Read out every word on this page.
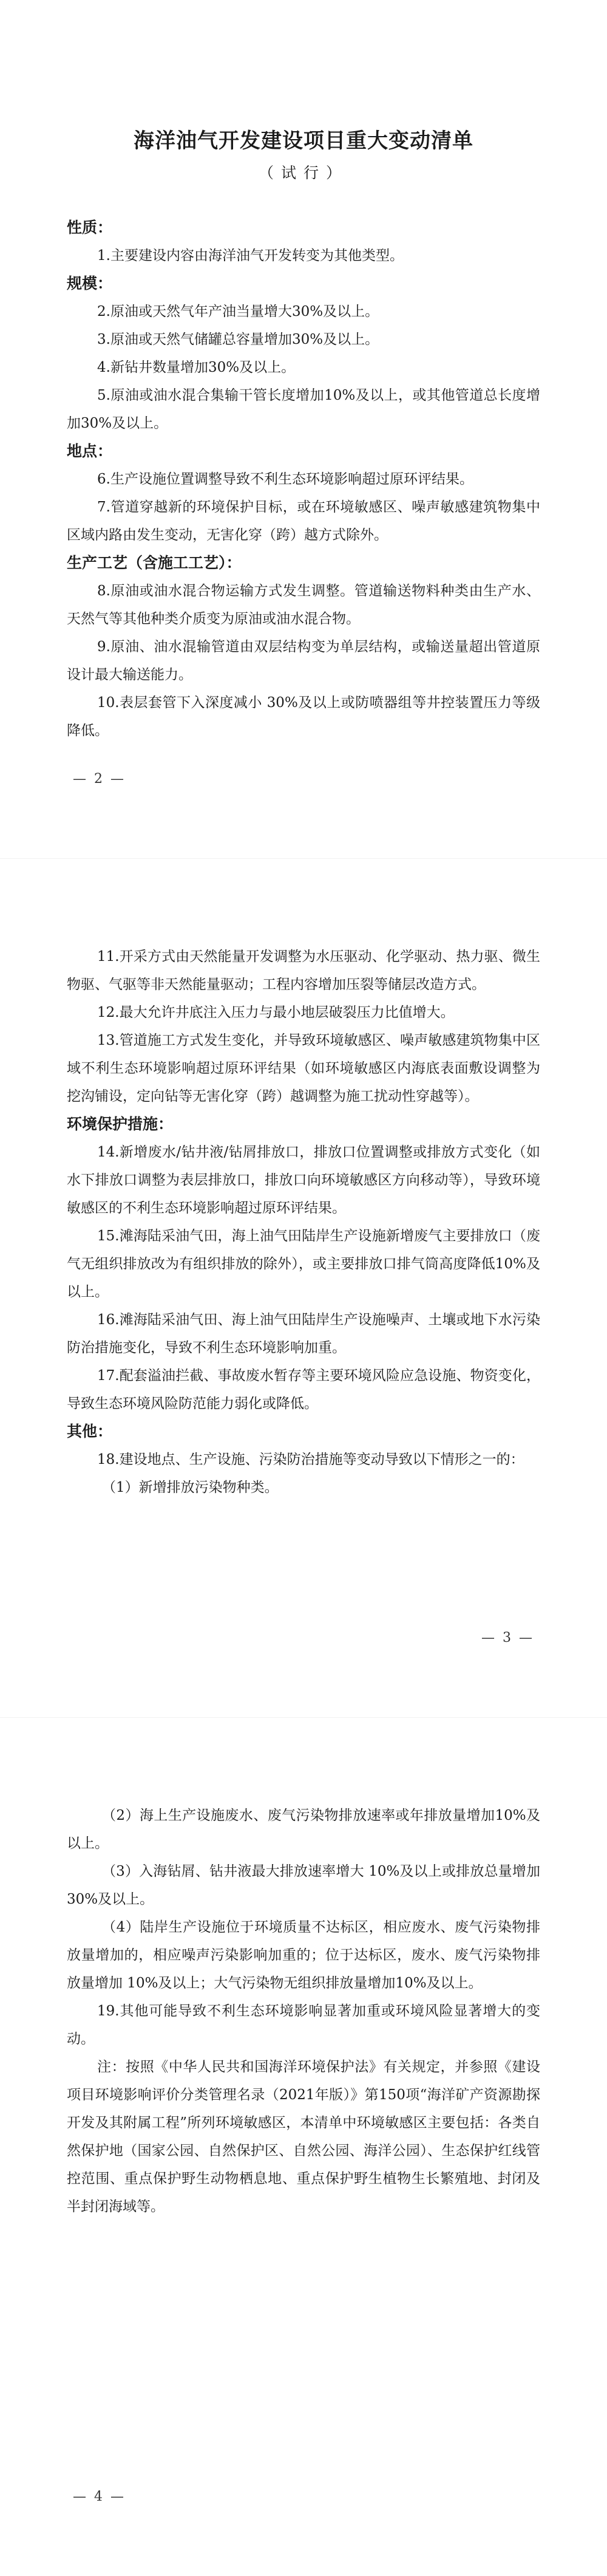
海洋油气开发建设项目重大变动清单
（试行）

性质：

1.主要建设内容由海洋油气开发转变为其他类型。

规模：

2.原油或天然气年产油当量增大30%及以上。

3.原油或天然气储罐总容量增加30%及以上。

4.新钻井数量增加30%及以上。

5.原油或油水混合集输干管长度增加10%及以上，或其他管道总长度增加30%及以上。

地点：

6.生产设施位置调整导致不利生态环境影响超过原环评结果。

7.管道穿越新的环境保护目标，或在环境敏感区、噪声敏感建筑物集中区域内路由发生变动，无害化穿（跨）越方式除外。

生产工艺（含施工工艺）：

8.原油或油水混合物运输方式发生调整。管道输送物料种类由生产水、天然气等其他种类介质变为原油或油水混合物。

9.原油、油水混输管道由双层结构变为单层结构，或输送量超出管道原设计最大输送能力。

10.表层套管下入深度减小 30%及以上或防喷器组等井控装置压力等级降低。

— 2 —

11.开采方式由天然能量开发调整为水压驱动、化学驱动、热力驱、微生物驱、气驱等非天然能量驱动；工程内容增加压裂等储层改造方式。

12.最大允许井底注入压力与最小地层破裂压力比值增大。

13.管道施工方式发生变化，并导致环境敏感区、噪声敏感建筑物集中区域不利生态环境影响超过原环评结果（如环境敏感区内海底表面敷设调整为挖沟铺设，定向钻等无害化穿（跨）越调整为施工扰动性穿越等）。

环境保护措施：

14.新增废水/钻井液/钻屑排放口，排放口位置调整或排放方式变化（如水下排放口调整为表层排放口，排放口向环境敏感区方向移动等），导致环境敏感区的不利生态环境影响超过原环评结果。

15.滩海陆采油气田，海上油气田陆岸生产设施新增废气主要排放口（废气无组织排放改为有组织排放的除外），或主要排放口排气筒高度降低10%及以上。

16.滩海陆采油气田、海上油气田陆岸生产设施噪声、土壤或地下水污染防治措施变化，导致不利生态环境影响加重。

17.配套溢油拦截、事故废水暂存等主要环境风险应急设施、物资变化，导致生态环境风险防范能力弱化或降低。

其他：

18.建设地点、生产设施、污染防治措施等变动导致以下情形之一的：

（1）新增排放污染物种类。

— 3 —

（2）海上生产设施废水、废气污染物排放速率或年排放量增加10%及以上。

（3）入海钻屑、钻井液最大排放速率增大 10%及以上或排放总量增加30%及以上。

（4）陆岸生产设施位于环境质量不达标区，相应废水、废气污染物排放量增加的，相应噪声污染影响加重的；位于达标区，废水、废气污染物排放量增加 10%及以上；大气污染物无组织排放量增加10%及以上。

19.其他可能导致不利生态环境影响显著加重或环境风险显著增大的变动。

注：按照《中华人民共和国海洋环境保护法》有关规定，并参照《建设项目环境影响评价分类管理名录（2021年版）》第150项“海洋矿产资源勘探开发及其附属工程”所列环境敏感区，本清单中环境敏感区主要包括：各类自然保护地（国家公园、自然保护区、自然公园、海洋公园）、生态保护红线管控范围、重点保护野生动物栖息地、重点保护野生植物生长繁殖地、封闭及半封闭海域等。

— 4 —
